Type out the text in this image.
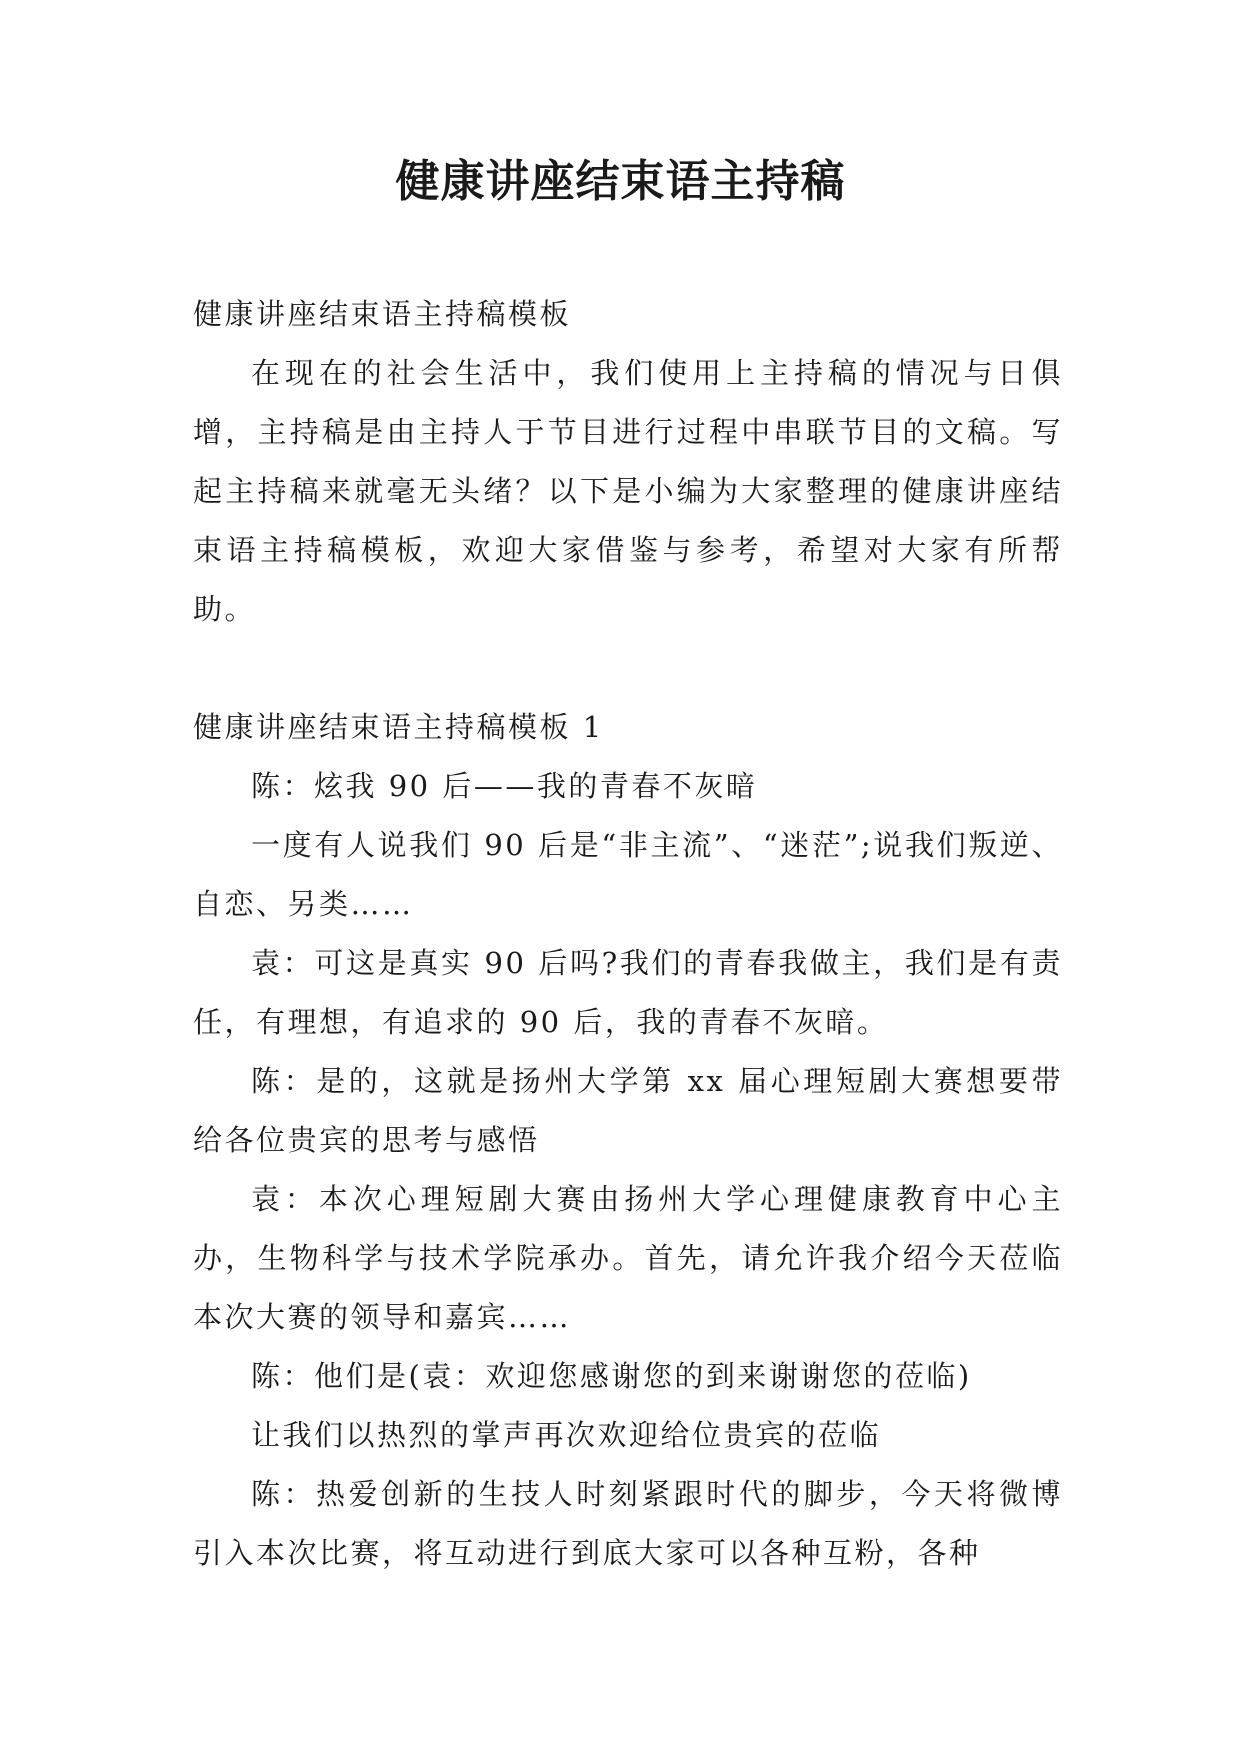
健康讲座结束语主持稿

健康讲座结束语主持稿模板

在现在的社会生活中，我们使用上主持稿的情况与日俱增，主持稿是由主持人于节目进行过程中串联节目的文稿。写起主持稿来就毫无头绪？以下是小编为大家整理的健康讲座结束语主持稿模板，欢迎大家借鉴与参考，希望对大家有所帮助。

健康讲座结束语主持稿模板 1

陈：炫我 90 后——我的青春不灰暗

一度有人说我们 90 后是“非主流”、“迷茫”;说我们叛逆、自恋、另类……

袁：可这是真实 90 后吗?我们的青春我做主，我们是有责任，有理想，有追求的 90 后，我的青春不灰暗。

陈：是的，这就是扬州大学第 xx 届心理短剧大赛想要带给各位贵宾的思考与感悟

袁：本次心理短剧大赛由扬州大学心理健康教育中心主办，生物科学与技术学院承办。首先，请允许我介绍今天莅临本次大赛的领导和嘉宾……

陈：他们是(袁：欢迎您感谢您的到来谢谢您的莅临)

让我们以热烈的掌声再次欢迎给位贵宾的莅临

陈：热爱创新的生技人时刻紧跟时代的脚步，今天将微博引入本次比赛，将互动进行到底大家可以各种互粉，各种
